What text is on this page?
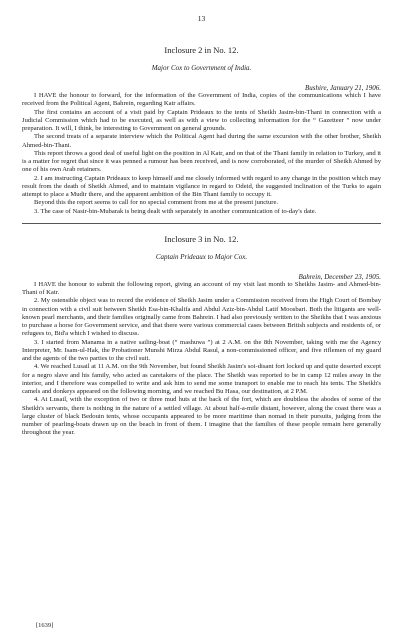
13
Inclosure 2 in No. 12.
Major Cox to Government of India.
Bushire, January 21, 1906.

I HAVE the honour to forward, for the information of the Government of India, copies of the communications which I have received from the Political Agent, Bahrein, regarding Katr affairs.

The first contains an account of a visit paid by Captain Prideaux to the tents of Sheikh Jasim-bin-Thani in connection with a Judicial Commission which had to be executed, as well as with a view to collecting information for the “ Gazetteer ” now under preparation. It will, I think, be interesting to Government on general grounds.

The second treats of a separate interview which the Political Agent had during the same excursion with the other brother, Sheikh Ahmed-bin-Thani.

This report throws a good deal of useful light on the position in Al Katr, and on that of the Thani family in relation to Turkey, and it is a matter for regret that since it was penned a rumour has been received, and is now corroborated, of the murder of Sheikh Ahmed by one of his own Arab retainers.

2. I am instructing Captain Prideaux to keep himself and me closely informed with regard to any change in the position which may result from the death of Sheikh Ahmed, and to maintain vigilance in regard to Odeid, the suggested inclination of the Turks to again attempt to place a Mudir there, and the apparent ambition of the Bin Thani family to occupy it.

Beyond this the report seems to call for no special comment from me at the present juncture.

3. The case of Nasir-bin-Mubarak is being dealt with separately in another communication of to-day's date.

Inclosure 3 in No. 12.
Captain Prideaux to Major Cox.
Bahrein, December 23, 1905.

I HAVE the honour to submit the following report, giving an account of my visit last month to Sheikhs Jasim- and Ahmed-bin-Thani of Katr.

2. My ostensible object was to record the evidence of Sheikh Jasim under a Commission received from the High Court of Bombay in connection with a civil suit between Sheikh Esa-bin-Khalifa and Abdul Aziz-bin-Abdul Latif Moosbari. Both the litigants are well-known pearl merchants, and their families originally came from Bahrein. I had also previously written to the Sheikhs that I was anxious to purchase a horse for Government service, and that there were various commercial cases between British subjects and residents of, or refugees to, Bid'a which I wished to discuss.

3. I started from Manama in a native sailing-boat (“ mashuwa ”) at 2 A.M. on the 8th November, taking with me the Agency Interpreter, Mr. Isam-ul-Hak, the Probationer Munshi Mirza Abdul Rasul, a non-commissioned officer, and five riflemen of my guard and the agents of the two parties to the civil suit.

4. We reached Lusail at 11 A.M. on the 9th November, but found Sheikh Jasim's soi-disant fort locked up and quite deserted except for a negro slave and his family, who acted as caretakers of the place. The Sheikh was reported to be in camp 12 miles away in the interior, and I therefore was compelled to write and ask him to send me some transport to enable me to reach his tents. The Sheikh's camels and donkeys appeared on the following morning, and we reached Bu Hasa, our destination, at 2 P.M.

4. At Lusail, with the exception of two or three mud huts at the back of the fort, which are doubtless the abodes of some of the Sheikh's servants, there is nothing in the nature of a settled village. At about half-a-mile distant, however, along the coast there was a large cluster of black Bedouin tents, whose occupants appeared to be more maritime than nomad in their pursuits, judging from the number of pearling-boats drawn up on the beach in front of them. I imagine that the families of these people remain here generally throughout the year.

[1639]
